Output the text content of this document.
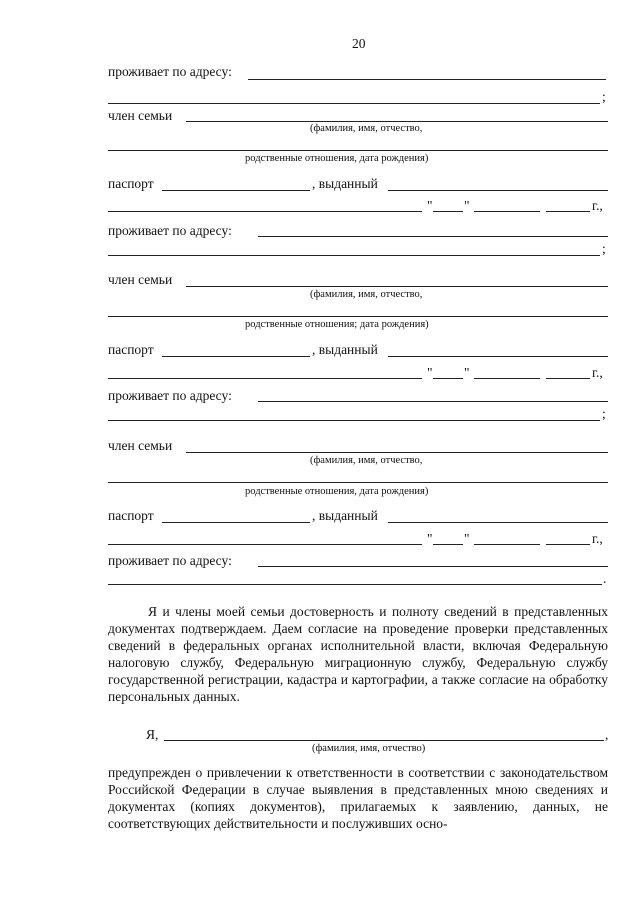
20
проживает по адресу:
;
член семьи
(фамилия, имя, отчество,
родственные отношения, дата рождения)
паспорт	, выданный
" "	г.,
проживает по адресу:
;
член семьи
(фамилия, имя, отчество,
родственные отношения; дата рождения)
паспорт	, выданный
" "	г.,
проживает по адресу:
;
член семьи
(фамилия, имя, отчество,
родственные отношения, дата рождения)
паспорт	, выданный
" "	г.,
проживает по адресу:
.
Я и члены моей семьи достоверность и полноту сведений в представленных документах подтверждаем. Даем согласие на проведение проверки представленных сведений в федеральных органах исполнительной власти, включая Федеральную налоговую службу, Федеральную миграционную службу, Федеральную службу государственной регистрации, кадастра и картографии, а также согласие на обработку персональных данных.
Я,	,
(фамилия, имя, отчество)
предупрежден о привлечении к ответственности в соответствии с законодательством Российской Федерации в случае выявления в представленных мною сведениях и документах (копиях документов), прилагаемых к заявлению, данных, не соответствующих действительности и послуживших осно-
